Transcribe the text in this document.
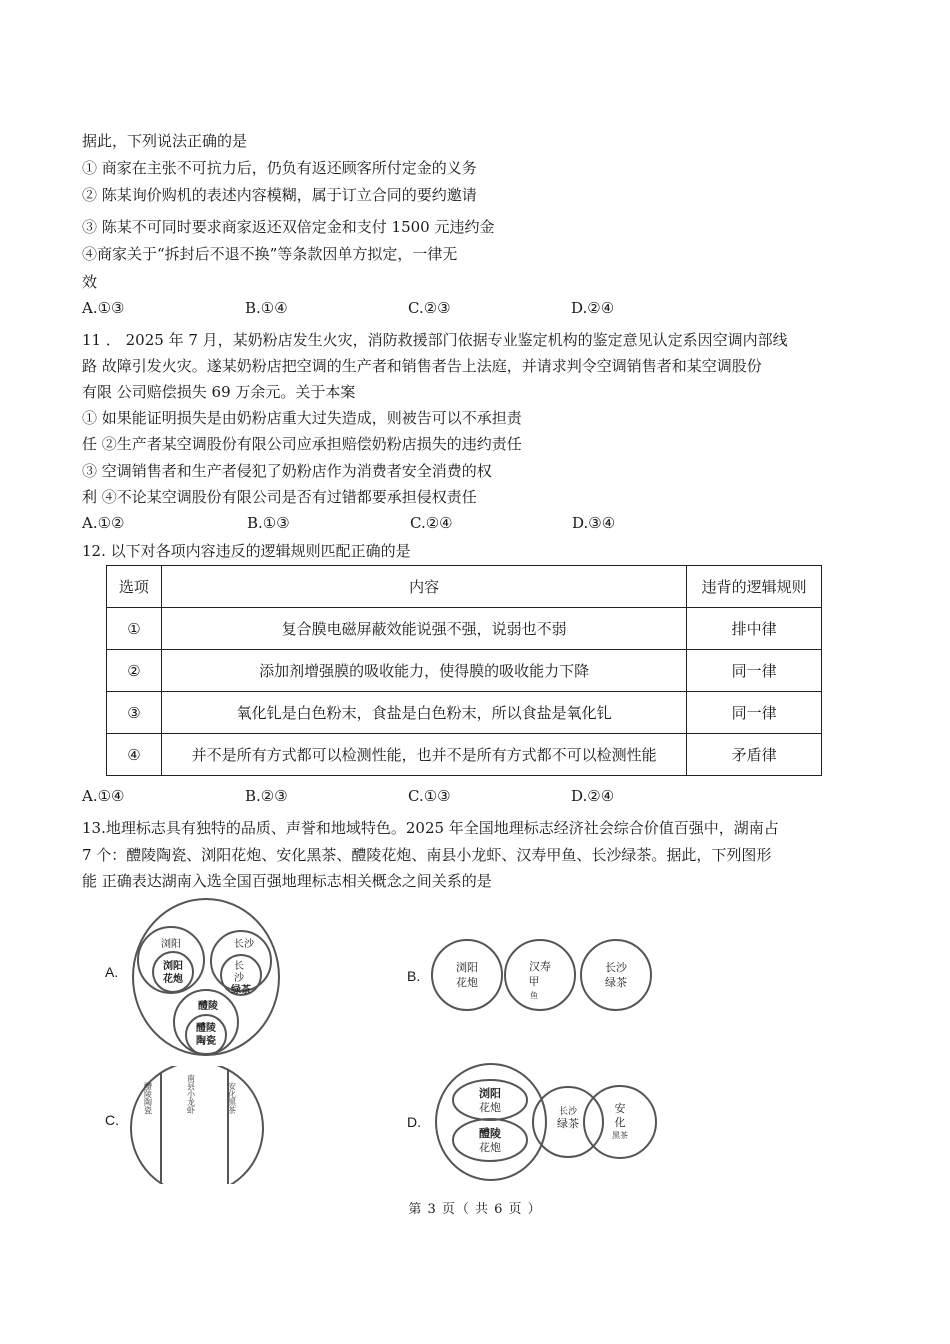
据此，下列说法正确的是
① 商家在主张不可抗力后，仍负有返还顾客所付定金的义务
② 陈某询价购机的表述内容模糊，属于订立合同的要约邀请
③ 陈某不可同时要求商家返还双倍定金和支付 1500 元违约金
④商家关于“拆封后不退不换”等条款因单方拟定，一律无
效
A.①③	B.①④	C.②③	D.②④
11 ． 2025 年 7 月，某奶粉店发生火灾，消防救援部门依据专业鉴定机构的鉴定意见认定系因空调内部线
路 故障引发火灾。遂某奶粉店把空调的生产者和销售者告上法庭，并请求判令空调销售者和某空调股份
有限 公司赔偿损失 69 万余元。关于本案
① 如果能证明损失是由奶粉店重大过失造成，则被告可以不承担责
任 ②生产者某空调股份有限公司应承担赔偿奶粉店损失的违约责任
③ 空调销售者和生产者侵犯了奶粉店作为消费者安全消费的权
利 ④不论某空调股份有限公司是否有过错都要承担侵权责任
A.①②	B.①③	C.②④	D.③④
12. 以下对各项内容违反的逻辑规则匹配正确的是
选项	内容	违背的逻辑规则
①	复合膜电磁屏蔽效能说强不强，说弱也不弱	排中律
②	添加剂增强膜的吸收能力，使得膜的吸收能力下降	同一律
③	氧化钆是白色粉末，食盐是白色粉末，所以食盐是氧化钆	同一律
④	并不是所有方式都可以检测性能，也并不是所有方式都不可以检测性能	矛盾律
A.①④	B.②③	C.①③	D.②④
13.地理标志具有独特的品质、声誉和地域特色。2025 年全国地理标志经济社会综合价值百强中，湖南占
7 个：醴陵陶瓷、浏阳花炮、安化黑茶、醴陵花炮、南县小龙虾、汉寿甲鱼、长沙绿茶。据此，下列图形
能 正确表达湖南入选全国百强地理标志相关概念之间关系的是
A.
浏阳
浏阳
花炮
长沙
长
沙
绿茶
醴陵
醴陵
陶瓷
B.
浏阳
花炮
汉寿
甲
鱼
长沙
绿茶
C.
醴陵陶瓷	南县小龙虾	安化黑茶
D.
浏阳
花炮
醴陵
花炮
长沙
绿茶
安
化
黑茶
第 3 页（ 共 6 页 ）
